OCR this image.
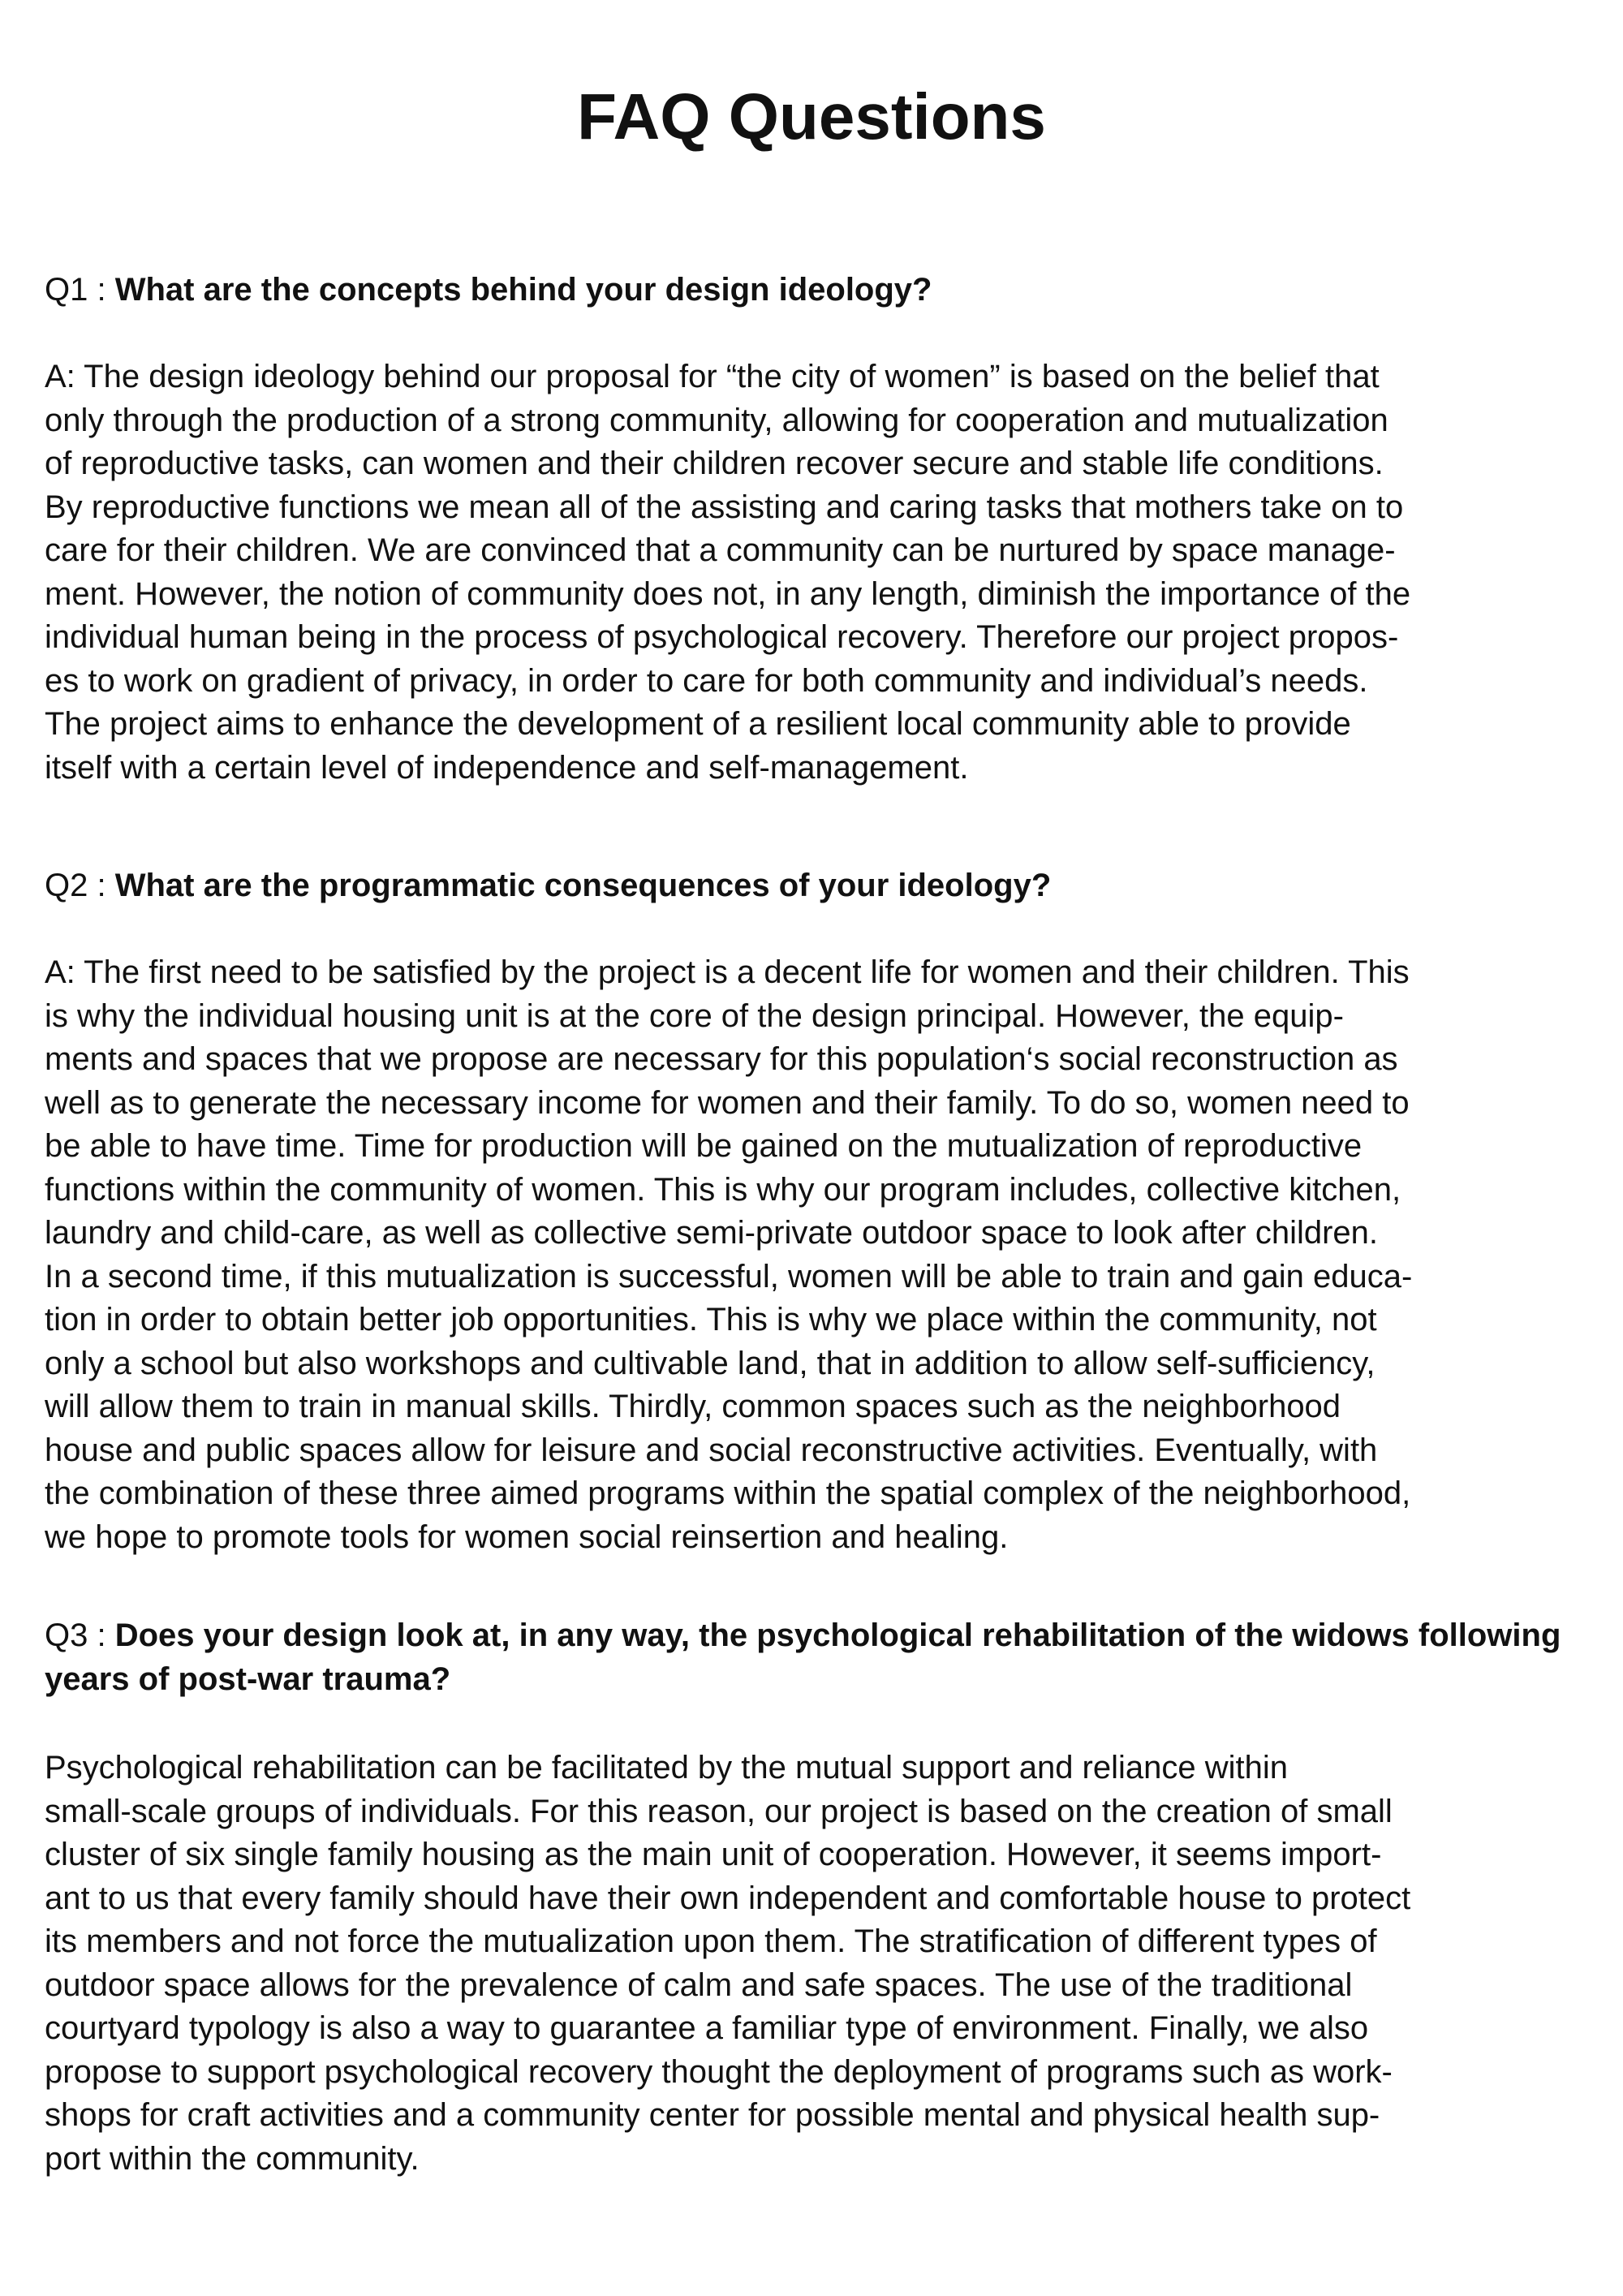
FAQ Questions

Q1 : What are the concepts behind your design ideology?

A: The design ideology behind our proposal for “the city of women” is based on the belief that
only through the production of a strong community, allowing for cooperation and mutualization
of reproductive tasks, can women and their children recover secure and stable life conditions.
By reproductive functions we mean all of the assisting and caring tasks that mothers take on to
care for their children. We are convinced that a community can be nurtured by space manage-
ment. However, the notion of community does not, in any length, diminish the importance of the
individual human being in the process of psychological recovery. Therefore our project propos-
es to work on gradient of privacy, in order to care for both community and individual’s needs.
The project aims to enhance the development of a resilient local community able to provide
itself with a certain level of independence and self-management.

Q2 : What are the programmatic consequences of your ideology?

A: The first need to be satisfied by the project is a decent life for women and their children. This
is why the individual housing unit is at the core of the design principal. However, the equip-
ments and spaces that we propose are necessary for this population‘s social reconstruction as
well as to generate the necessary income for women and their family. To do so, women need to
be able to have time. Time for production will be gained on the mutualization of reproductive
functions within the community of women. This is why our program includes, collective kitchen,
laundry and child-care, as well as collective semi-private outdoor space to look after children.
In a second time, if this mutualization is successful, women will be able to train and gain educa-
tion in order to obtain better job opportunities. This is why we place within the community, not
only a school but also workshops and cultivable land, that in addition to allow self-sufficiency,
will allow them to train in manual skills. Thirdly, common spaces such as the neighborhood
house and public spaces allow for leisure and social reconstructive activities. Eventually, with
the combination of these three aimed programs within the spatial complex of the neighborhood,
we hope to promote tools for women social reinsertion and healing.

Q3 : Does your design look at, in any way, the psychological rehabilitation of the widows following years of post-war trauma?

Psychological rehabilitation can be facilitated by the mutual support and reliance within
small-scale groups of individuals. For this reason, our project is based on the creation of small
cluster of six single family housing as the main unit of cooperation. However, it seems import-
ant to us that every family should have their own independent and comfortable house to protect
its members and not force the mutualization upon them. The stratification of different types of
outdoor space allows for the prevalence of calm and safe spaces. The use of the traditional
courtyard typology is also a way to guarantee a familiar type of environment. Finally, we also
propose to support psychological recovery thought the deployment of programs such as work-
shops for craft activities and a community center for possible mental and physical health sup-
port within the community.
